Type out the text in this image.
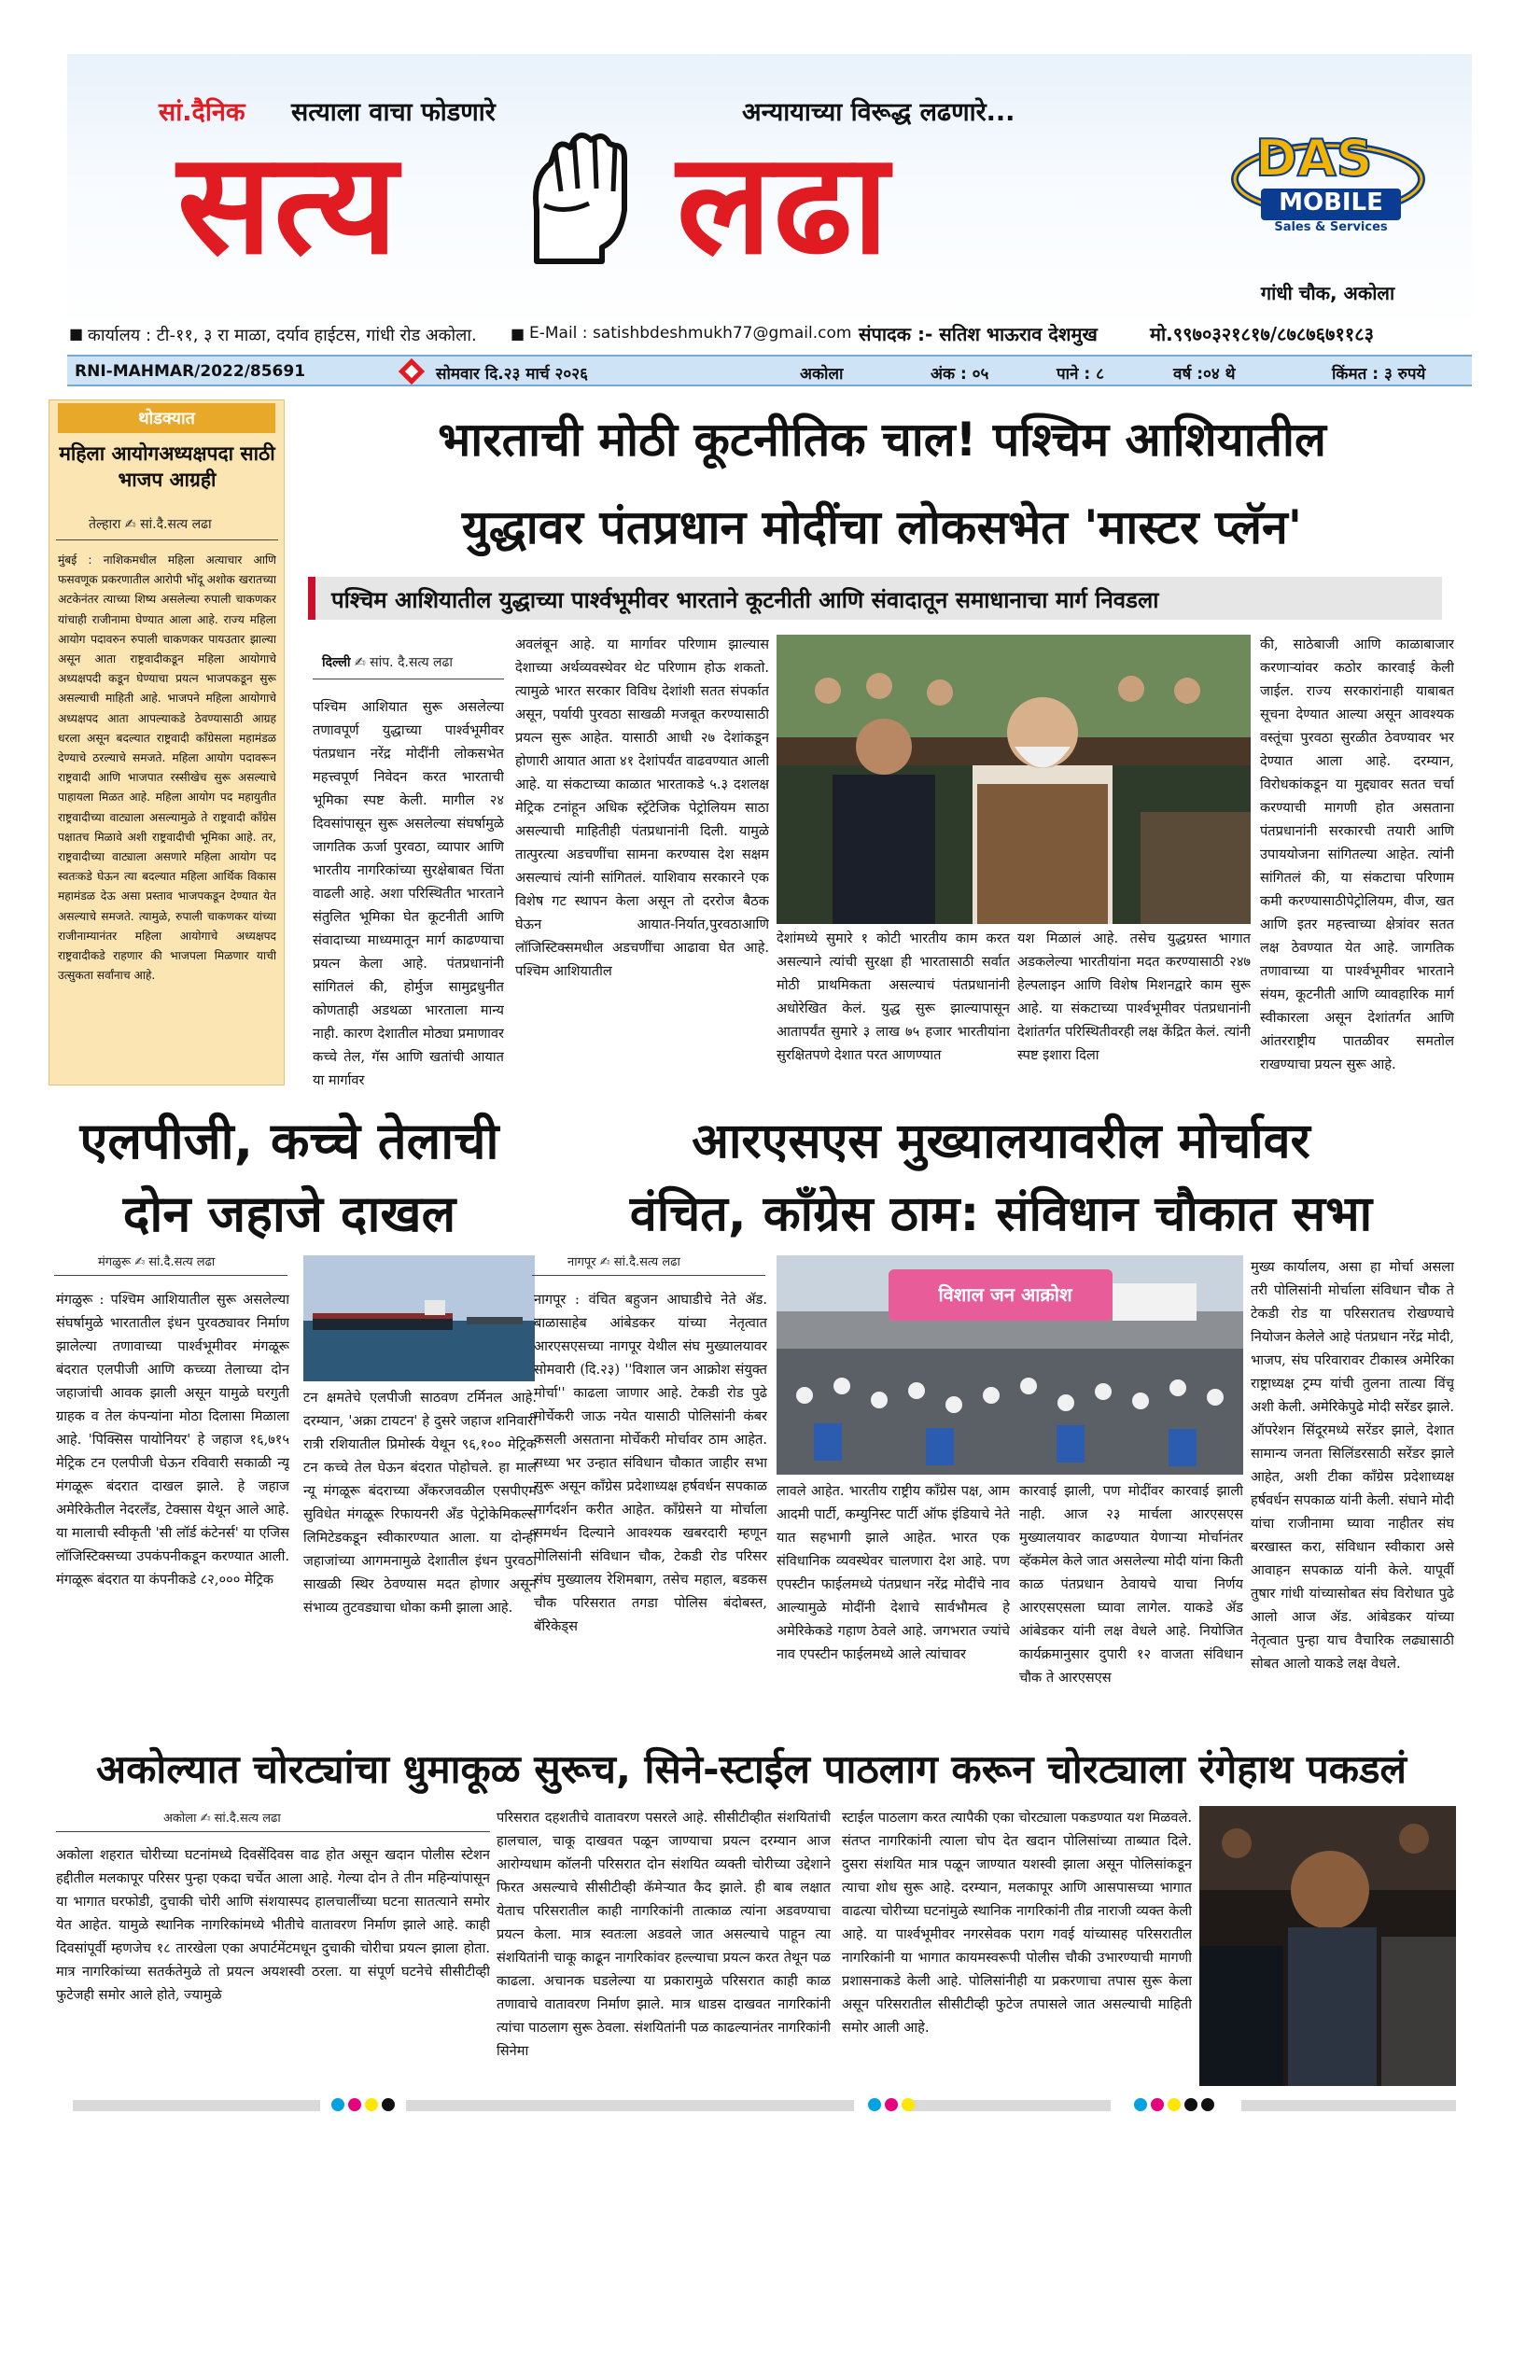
सां.दैनिक सत्याला वाचा फोडणारे	अन्यायाच्या विरूद्ध लढणारे...
सत्य लढा	DAS
MOBILE
Sales & Services
गांधी चौक, अकोला
■ कार्यालय : टी-११, ३ रा माळा, दर्याव हाईटस, गांधी रोड अकोला. ■ E-Mail : satishbdeshmukh77@gmail.com संपादक :- सतिश भाऊराव देशमुख	मो.९९७०३२१८१७/८७८७६७११८३
RNI-MAHMAR/2022/85691	सोमवार दि.२३ मार्च २०२६	अकोला	अंक : ०५	पाने : ८	वर्ष :०४ थे	किंमत : ३ रुपये
थोडक्यात
महिला आयोगअध्यक्षपदा साठी भाजप आग्रही
तेल्हारा ✍ सां.दै.सत्य लढा
मुंबई : नाशिकमधील महिला अत्याचार आणि फसवणूक प्रकरणातील आरोपी भोंदू अशोक खरातच्या अटकेनंतर त्याच्या शिष्य असलेल्या रुपाली चाकणकर यांचाही राजीनामा घेण्यात आला आहे. राज्य महिला आयोग पदावरुन रुपाली चाकणकर पायउतार झाल्या असून आता राष्ट्रवादीकडून महिला आयोगाचे अध्यक्षपदी कडून घेण्याचा प्रयत्न भाजपकडून सुरू असल्याची माहिती आहे. भाजपने महिला आयोगाचे अध्यक्षपद आता आपल्याकडे ठेवण्यासाठी आग्रह धरला असून बदल्यात राष्ट्रवादी कॉंग्रेसला महामंडळ देण्याचे ठरल्याचे समजते. महिला आयोग पदावरून राष्ट्रवादी आणि भाजपात रस्सीखेच सुरू असल्याचे पाहायला मिळत आहे. महिला आयोग पद महायुतीत राष्ट्रवादीच्या वाट्याला असल्यामुळे ते राष्ट्रवादी कॉंग्रेस पक्षातच मिळावे अशी राष्ट्रवादीची भूमिका आहे. तर, राष्ट्रवादीच्या वाट्याला असणारे महिला आयोग पद स्वतःकडे घेऊन त्या बदल्यात महिला आर्थिक विकास महामंडळ देऊ असा प्रस्ताव भाजपकडून देण्यात येत असल्याचे समजते. त्यामुळे, रुपाली चाकणकर यांच्या राजीनाम्यानंतर महिला आयोगाचे अध्यक्षपद राष्ट्रवादीकडे राहणार की भाजपला मिळणार याची उत्सुकता सर्वांनाच आहे.
भारताची मोठी कूटनीतिक चाल! पश्चिम आशियातील
युद्धावर पंतप्रधान मोदींचा लोकसभेत 'मास्टर प्लॅन'
पश्चिम आशियातील युद्धाच्या पार्श्वभूमीवर भारताने कूटनीती आणि संवादातून समाधानाचा मार्ग निवडला
दिल्ली ✍ सांप. दै.सत्य लढा
पश्चिम आशियात सुरू असलेल्या तणावपूर्ण युद्धाच्या पार्श्वभूमीवर पंतप्रधान नरेंद्र मोदींनी लोकसभेत महत्त्वपूर्ण निवेदन करत भारताची भूमिका स्पष्ट केली. मागील २४ दिवसांपासून सुरू असलेल्या संघर्षामुळे जागतिक ऊर्जा पुरवठा, व्यापार आणि भारतीय नागरिकांच्या सुरक्षेबाबत चिंता वाढली आहे. अशा परिस्थितीत भारताने संतुलित भूमिका घेत कूटनीती आणि संवादाच्या माध्यमातून मार्ग काढण्याचा प्रयत्न केला आहे. पंतप्रधानांनी सांगितलं की, होर्मुज सामुद्रधुनीत कोणताही अडथळा भारताला मान्य नाही. कारण देशातील मोठ्या प्रमाणावर कच्चे तेल, गॅस आणि खतांची आयात या मार्गावर
अवलंबून आहे. या मार्गावर परिणाम झाल्यास देशाच्या अर्थव्यवस्थेवर थेट परिणाम होऊ शकतो. त्यामुळे भारत सरकार विविध देशांशी सतत संपर्कात असून, पर्यायी पुरवठा साखळी मजबूत करण्यासाठी प्रयत्न सुरू आहेत. यासाठी आधी २७ देशांकडून होणारी आयात आता ४१ देशांपर्यंत वाढवण्यात आली आहे. या संकटाच्या काळात भारताकडे ५.३ दशलक्ष मेट्रिक टनांहून अधिक स्ट्रॅटेजिक पेट्रोलियम साठा असल्याची माहितीही पंतप्रधानांनी दिली. यामुळे तात्पुरत्या अडचणींचा सामना करण्यास देश सक्षम असल्याचं त्यांनी सांगितलं. याशिवाय सरकारने एक विशेष गट स्थापन केला असून तो दररोज बैठक घेऊन आयात-निर्यात,पुरवठाआणि लॉजिस्टिक्समधील अडचणींचा आढावा घेत आहे. पश्चिम आशियातील
देशांमध्ये सुमारे १ कोटी भारतीय काम करत असल्याने त्यांची सुरक्षा ही भारतासाठी सर्वात मोठी प्राथमिकता असल्याचं पंतप्रधानांनी अधोरेखित केलं. युद्ध सुरू झाल्यापासून आतापर्यंत सुमारे ३ लाख ७५ हजार भारतीयांना सुरक्षितपणे देशात परत आणण्यात
यश मिळालं आहे. तसेच युद्धग्रस्त भागात अडकलेल्या भारतीयांना मदत करण्यासाठी २४७ हेल्पलाइन आणि विशेष मिशनद्वारे काम सुरू आहे. या संकटाच्या पार्श्वभूमीवर पंतप्रधानांनी देशांतर्गत परिस्थितीवरही लक्ष केंद्रित केलं. त्यांनी स्पष्ट इशारा दिला
की, साठेबाजी आणि काळाबाजार करणाऱ्यांवर कठोर कारवाई केली जाईल. राज्य सरकारांनाही याबाबत सूचना देण्यात आल्या असून आवश्यक वस्तूंचा पुरवठा सुरळीत ठेवण्यावर भर देण्यात आला आहे. दरम्यान, विरोधकांकडून या मुद्द्यावर सतत चर्चा करण्याची मागणी होत असताना पंतप्रधानांनी सरकारची तयारी आणि उपाययोजना सांगितल्या आहेत. त्यांनी सांगितलं की, या संकटाचा परिणाम कमी करण्यासाठीपेट्रोलियम, वीज, खत आणि इतर महत्त्वाच्या क्षेत्रांवर सतत लक्ष ठेवण्यात येत आहे. जागतिक तणावाच्या या पार्श्वभूमीवर भारताने संयम, कूटनीती आणि व्यावहारिक मार्ग स्वीकारला असून देशांतर्गत आणि आंतरराष्ट्रीय पातळीवर समतोल राखण्याचा प्रयत्न सुरू आहे.
एलपीजी, कच्चे तेलाची
दोन जहाजे दाखल
मंगळुरू ✍ सां.दै.सत्य लढा
मंगळुरू : पश्चिम आशियातील सुरू असलेल्या संघर्षामुळे भारतातील इंधन पुरवठ्यावर निर्माण झालेल्या तणावाच्या पार्श्वभूमीवर मंगळूरू बंदरात एलपीजी आणि कच्च्या तेलाच्या दोन जहाजांची आवक झाली असून यामुळे घरगुती ग्राहक व तेल कंपन्यांना मोठा दिलासा मिळाला आहे. 'पिक्सिस पायोनियर' हे जहाज १६,७१५ मेट्रिक टन एलपीजी घेऊन रविवारी सकाळी न्यू मंगळूरू बंदरात दाखल झाले. हे जहाज अमेरिकेतील नेदरलँड, टेक्सास येथून आले आहे. या मालाची स्वीकृती 'सी लॉर्ड कंटेनर्स' या एजिस लॉजिस्टिक्सच्या उपकंपनीकडून करण्यात आली. मंगळूरू बंदरात या कंपनीकडे ८२,००० मेट्रिक
टन क्षमतेचे एलपीजी साठवण टर्मिनल आहे. दरम्यान, 'अक्रा टायटन' हे दुसरे जहाज शनिवारी रात्री रशियातील प्रिमोर्स्क येथून ९६,१०० मेट्रिक टन कच्चे तेल घेऊन बंदरात पोहोचले. हा माल न्यू मंगळूरू बंदराच्या अँकरजवळील एसपीएम सुविधेत मंगळूरू रिफायनरी अँड पेट्रोकेमिकल्स लिमिटेडकडून स्वीकारण्यात आला. या दोन्ही जहाजांच्या आगमनामुळे देशातील इंधन पुरवठा साखळी स्थिर ठेवण्यास मदत होणार असून संभाव्य तुटवड्याचा धोका कमी झाला आहे.
आरएसएस मुख्यालयावरील मोर्चावर
वंचित, कॉंग्रेस ठाम: संविधान चौकात सभा
नागपूर ✍ सां.दै.सत्य लढा
नागपूर : वंचित बहुजन आघाडीचे नेते ॲड. बाळासाहेब आंबेडकर यांच्या नेतृत्वात आरएसएसच्या नागपूर येथील संघ मुख्यालयावर सोमवारी (दि.२३) ''विशाल जन आक्रोश संयुक्त मोर्चा'' काढला जाणार आहे. टेकडी रोड पुढे मोर्चेकरी जाऊ नयेत यासाठी पोलिसांनी कंबर कसली असताना मोर्चेकरी मोर्चावर ठाम आहेत. सध्या भर उन्हात संविधान चौकात जाहीर सभा सुरू असून कॉंग्रेस प्रदेशाध्यक्ष हर्षवर्धन सपकाळ मार्गदर्शन करीत आहेत. कॉंग्रेसने या मोर्चाला समर्थन दिल्याने आवश्यक खबरदारी म्हणून पोलिसांनी संविधान चौक, टेकडी रोड परिसर संघ मुख्यालय रेशिमबाग, तसेच महाल, बडकस चौक परिसरात तगडा पोलिस बंदोबस्त, बॅरिकेड्स
विशाल जन आक्रोश
लावले आहेत. भारतीय राष्ट्रीय कॉंग्रेस पक्ष, आम आदमी पार्टी, कम्युनिस्ट पार्टी ऑफ इंडियाचे नेते यात सहभागी झाले आहेत. भारत एक संविधानिक व्यवस्थेवर चालणारा देश आहे. पण एपस्टीन फाईलमध्ये पंतप्रधान नरेंद्र मोदींचे नाव आल्यामुळे मोदींनी देशाचे सार्वभौमत्व हे अमेरिकेकडे गहाण ठेवले आहे. जगभरात ज्यांचे नाव एपस्टीन फाईलमध्ये आले त्यांचावर
कारवाई झाली, पण मोदींवर कारवाई झाली नाही. आज २३ मार्चला आरएसएस मुख्यालयावर काढण्यात येणाऱ्या मोर्चानंतर व्हॅकमेल केले जात असलेल्या मोदी यांना किती काळ पंतप्रधान ठेवायचे याचा निर्णय आरएसएसला घ्यावा लागेल. याकडे ॲड आंबेडकर यांनी लक्ष वेधले आहे. नियोजित कार्यक्रमानुसार दुपारी १२ वाजता संविधान चौक ते आरएसएस
मुख्य कार्यालय, असा हा मोर्चा असला तरी पोलिसांनी मोर्चाला संविधान चौक ते टेकडी रोड या परिसरातच रोखण्याचे नियोजन केलेले आहे पंतप्रधान नरेंद्र मोदी, भाजप, संघ परिवारावर टीकास्त्र अमेरिका राष्ट्राध्यक्ष ट्रम्प यांची तुलना तात्या विंचू अशी केली. अमेरिकेपुढे मोदी सरेंडर झाले. ऑपरेशन सिंदूरमध्ये सरेंडर झाले, देशात सामान्य जनता सिलिंडरसाठी सरेंडर झाले आहेत, अशी टीका कॉंग्रेस प्रदेशाध्यक्ष हर्षवर्धन सपकाळ यांनी केली. संघाने मोदी यांचा राजीनामा घ्यावा नाहीतर संघ बरखास्त करा, संविधान स्वीकारा असे आवाहन सपकाळ यांनी केले. यापूर्वी तुषार गांधी यांच्यासोबत संघ विरोधात पुढे आलो आज ॲड. आंबेडकर यांच्या नेतृत्वात पुन्हा याच वैचारिक लढ्यासाठी सोबत आलो याकडे लक्ष वेधले.
अकोल्यात चोरट्यांचा धुमाकूळ सुरूच, सिने-स्टाईल पाठलाग करून चोरट्याला रंगेहाथ पकडलं
अकोला ✍ सां.दै.सत्य लढा
अकोला शहरात चोरीच्या घटनांमध्ये दिवसेंदिवस वाढ होत असून खदान पोलीस स्टेशन हद्दीतील मलकापूर परिसर पुन्हा एकदा चर्चेत आला आहे. गेल्या दोन ते तीन महिन्यांपासून या भागात घरफोडी, दुचाकी चोरी आणि संशयास्पद हालचालींच्या घटना सातत्याने समोर येत आहेत. यामुळे स्थानिक नागरिकांमध्ये भीतीचे वातावरण निर्माण झाले आहे. काही दिवसांपूर्वी म्हणजेच १८ तारखेला एका अपार्टमेंटमधून दुचाकी चोरीचा प्रयत्न झाला होता. मात्र नागरिकांच्या सतर्कतेमुळे तो प्रयत्न अयशस्वी ठरला. या संपूर्ण घटनेचे सीसीटीव्ही फुटेजही समोर आले होते, ज्यामुळे
परिसरात दहशतीचे वातावरण पसरले आहे. सीसीटीव्हीत संशयितांची हालचाल, चाकू दाखवत पळून जाण्याचा प्रयत्न दरम्यान आज आरोग्यधाम कॉलनी परिसरात दोन संशयित व्यक्ती चोरीच्या उद्देशाने फिरत असल्याचे सीसीटीव्ही कॅमेऱ्यात कैद झाले. ही बाब लक्षात येताच परिसरातील काही नागरिकांनी तात्काळ त्यांना अडवण्याचा प्रयत्न केला. मात्र स्वतःला अडवले जात असल्याचे पाहून त्या संशयितांनी चाकू काढून नागरिकांवर हल्ल्याचा प्रयत्न करत तेथून पळ काढला. अचानक घडलेल्या या प्रकारामुळे परिसरात काही काळ तणावाचे वातावरण निर्माण झाले. मात्र धाडस दाखवत नागरिकांनी त्यांचा पाठलाग सुरू ठेवला. संशयितांनी पळ काढल्यानंतर नागरिकांनी सिनेमा
स्टाईल पाठलाग करत त्यापैकी एका चोरट्याला पकडण्यात यश मिळवले. संतप्त नागरिकांनी त्याला चोप देत खदान पोलिसांच्या ताब्यात दिले. दुसरा संशयित मात्र पळून जाण्यात यशस्वी झाला असून पोलिसांकडून त्याचा शोध सुरू आहे. दरम्यान, मलकापूर आणि आसपासच्या भागात वाढत्या चोरीच्या घटनांमुळे स्थानिक नागरिकांनी तीव्र नाराजी व्यक्त केली आहे. या पार्श्वभूमीवर नगरसेवक पराग गवई यांच्यासह परिसरातील नागरिकांनी या भागात कायमस्वरूपी पोलीस चौकी उभारण्याची मागणी प्रशासनाकडे केली आहे. पोलिसांनीही या प्रकरणाचा तपास सुरू केला असून परिसरातील सीसीटीव्ही फुटेज तपासले जात असल्याची माहिती समोर आली आहे.
